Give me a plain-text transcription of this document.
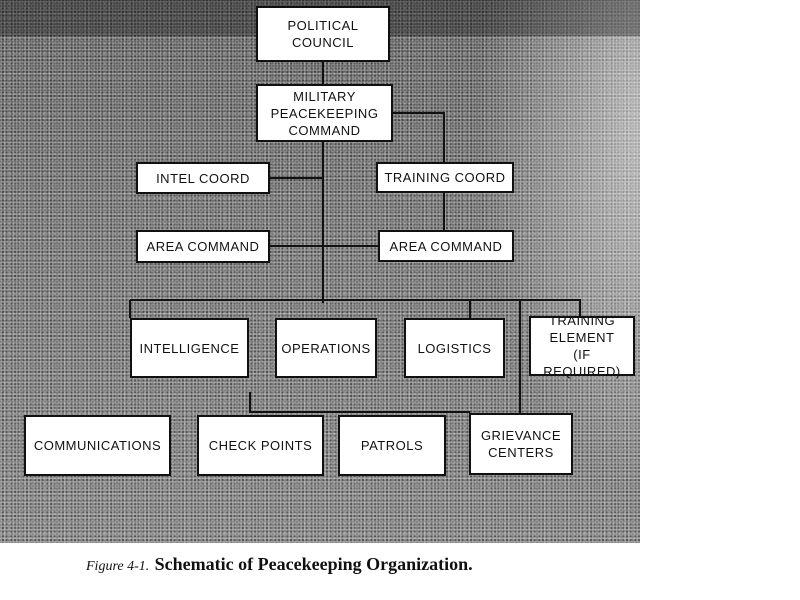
POLITICAL
COUNCIL
MILITARY
PEACEKEEPING
COMMAND
INTEL COORD	TRAINING COORD
AREA COMMAND	AREA COMMAND
INTELLIGENCE	OPERATIONS	LOGISTICS
TRAINING
ELEMENT
(IF REQUIRED)
COMMUNICATIONS	CHECK POINTS	PATROLS
GRIEVANCE
CENTERS
Figure 4-1. Schematic of Peacekeeping Organization.
